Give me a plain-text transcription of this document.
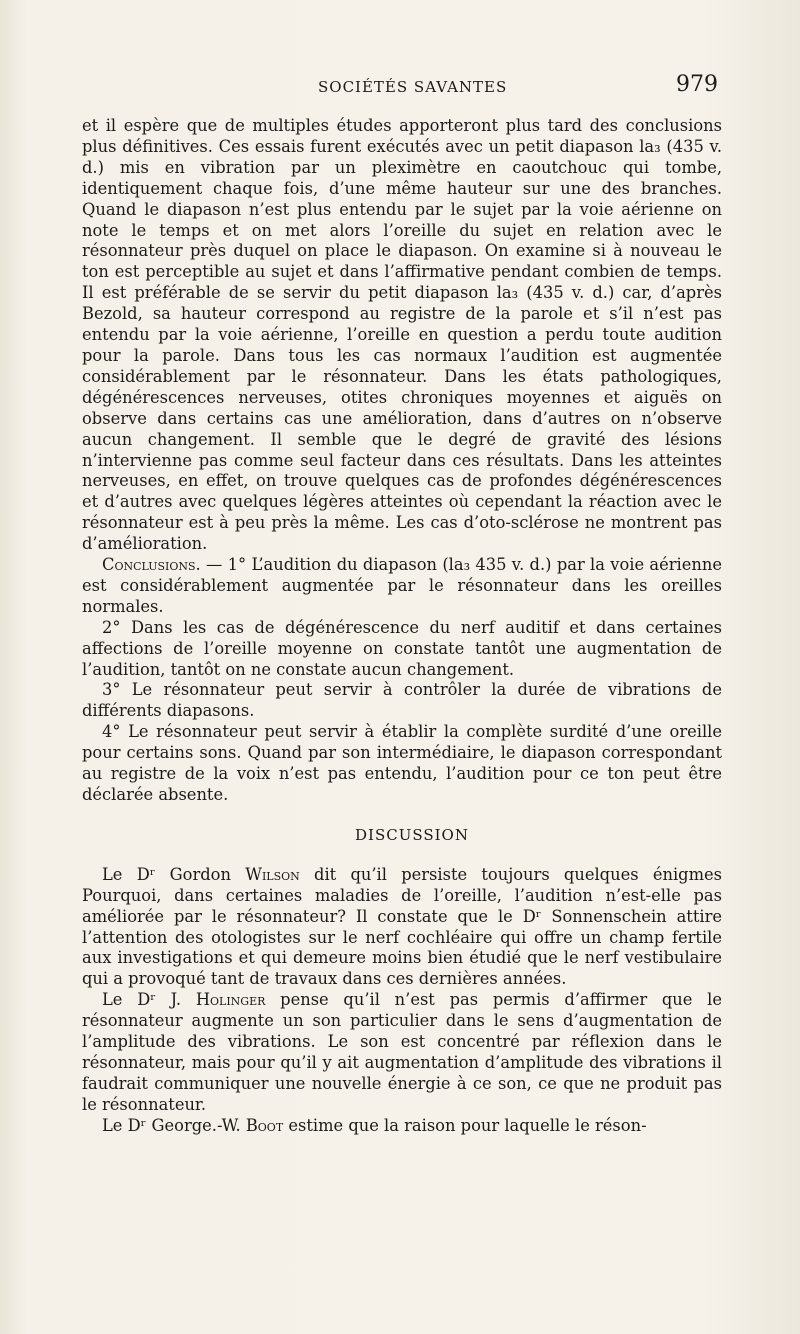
SOCIÉTÉS SAVANTES	979

et il espère que de multiples études apporteront plus tard des conclusions plus définitives. Ces essais furent exécutés avec un petit diapason la₃ (435 v. d.) mis en vibration par un pleximètre en caoutchouc qui tombe, identiquement chaque fois, d’une même hauteur sur une des branches. Quand le diapason n’est plus entendu par le sujet par la voie aérienne on note le temps et on met alors l’oreille du sujet en relation avec le résonnateur près duquel on place le diapason. On examine si à nouveau le ton est perceptible au sujet et dans l’affirmative pendant combien de temps. Il est préférable de se servir du petit diapason la₃ (435 v. d.) car, d’après Bezold, sa hauteur correspond au registre de la parole et s’il n’est pas entendu par la voie aérienne, l’oreille en question a perdu toute audition pour la parole. Dans tous les cas normaux l’audition est augmentée considérablement par le résonnateur. Dans les états pathologiques, dégénérescences nerveuses, otites chroniques moyennes et aiguës on observe dans certains cas une amélioration, dans d’autres on n’observe aucun changement. Il semble que le degré de gravité des lésions n’intervienne pas comme seul facteur dans ces résultats. Dans les atteintes nerveuses, en effet, on trouve quelques cas de profondes dégénérescences et d’autres avec quelques légères atteintes où cependant la réaction avec le résonnateur est à peu près la même. Les cas d’oto-sclérose ne montrent pas d’amélioration.

Conclusions. — 1° L’audition du diapason (la₃ 435 v. d.) par la voie aérienne est considérablement augmentée par le résonnateur dans les oreilles normales.

2° Dans les cas de dégénérescence du nerf auditif et dans certaines affections de l’oreille moyenne on constate tantôt une augmentation de l’audition, tantôt on ne constate aucun changement.

3° Le résonnateur peut servir à contrôler la durée de vibrations de différents diapasons.

4° Le résonnateur peut servir à établir la complète surdité d’une oreille pour certains sons. Quand par son intermédiaire, le diapason correspondant au registre de la voix n’est pas entendu, l’audition pour ce ton peut être déclarée absente.

DISCUSSION

Le Dʳ Gordon Wilson dit qu’il persiste toujours quelques énigmes Pourquoi, dans certaines maladies de l’oreille, l’audition n’est-elle pas améliorée par le résonnateur? Il constate que le Dʳ Sonnenschein attire l’attention des otologistes sur le nerf cochléaire qui offre un champ fertile aux investigations et qui demeure moins bien étudié que le nerf vestibulaire qui a provoqué tant de travaux dans ces dernières années.

Le Dʳ J. Holinger pense qu’il n’est pas permis d’affirmer que le résonnateur augmente un son particulier dans le sens d’augmentation de l’amplitude des vibrations. Le son est concentré par réflexion dans le résonnateur, mais pour qu’il y ait augmentation d’amplitude des vibrations il faudrait communiquer une nouvelle énergie à ce son, ce que ne produit pas le résonnateur.

Le Dʳ George.-W. Boot estime que la raison pour laquelle le réson-
